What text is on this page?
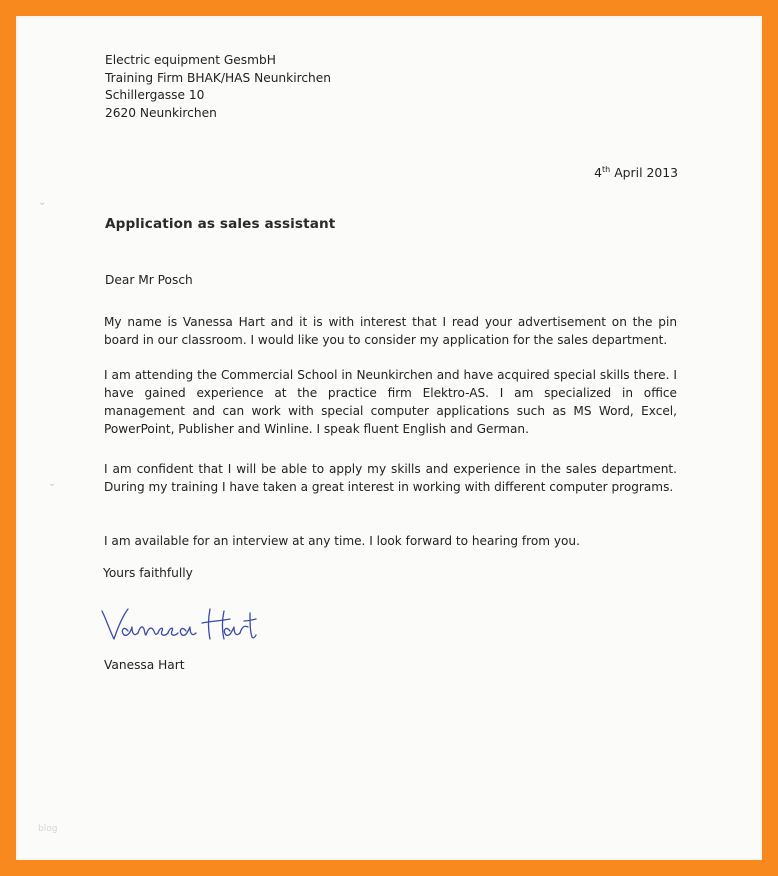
Electric equipment GesmbH
Training Firm BHAK/HAS Neunkirchen
Schillergasse 10
2620 Neunkirchen
4th April 2013
⌄
Application as sales assistant
Dear Mr Posch
My name is Vanessa Hart and it is with interest that I read your advertisement on the pin board in our classroom. I would like you to consider my application for the sales department.
I am attending the Commercial School in Neunkirchen and have acquired special skills there. I have gained experience at the practice firm Elektro-AS. I am specialized in office management and can work with special computer applications such as MS Word, Excel, PowerPoint, Publisher and Winline. I speak fluent English and German.
⌄
I am confident that I will be able to apply my skills and experience in the sales department. During my training I have taken a great interest in working with different computer programs.
I am available for an interview at any time. I look forward to hearing from you.
Yours faithfully
Vanessa Hart
blog
